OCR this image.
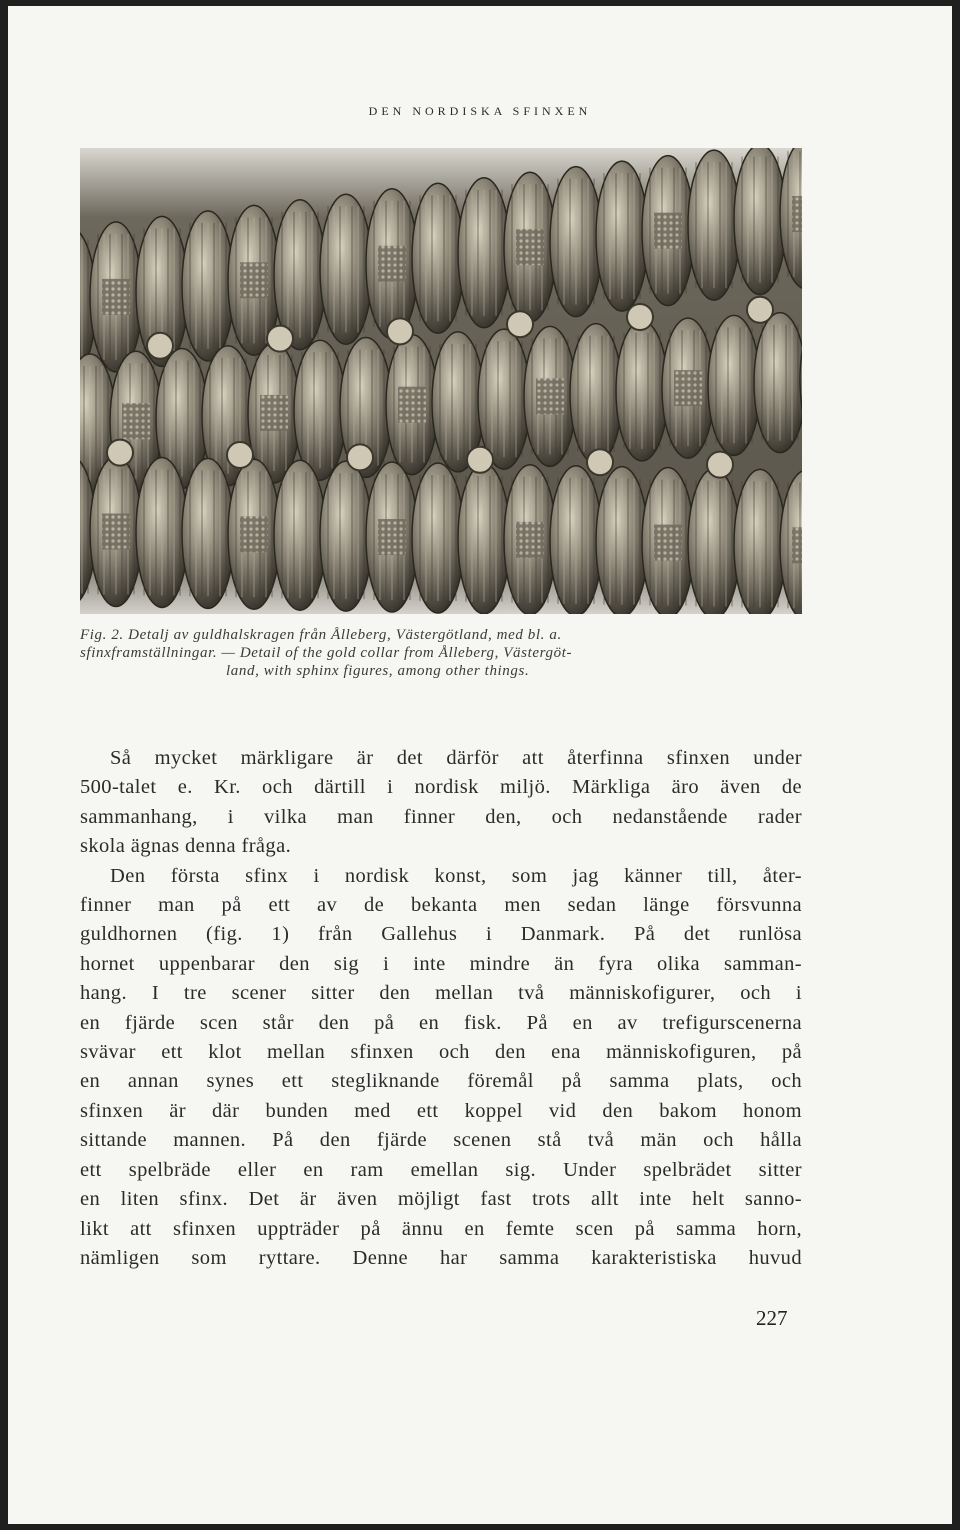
DEN NORDISKA SFINXEN
Fig. 2. Detalj av guldhalskragen från Ålleberg, Västergötland, med bl. a.
sfinxframställningar. — Detail of the gold collar from Ålleberg, Västergöt-
land, with sphinx figures, among other things.
Så mycket märkligare är det därför att återfinna sfinxen under
500-talet e. Kr. och därtill i nordisk miljö. Märkliga äro även de
sammanhang, i vilka man finner den, och nedanstående rader
skola ägnas denna fråga.
Den första sfinx i nordisk konst, som jag känner till, åter-
finner man på ett av de bekanta men sedan länge försvunna
guldhornen (fig. 1) från Gallehus i Danmark. På det runlösa
hornet uppenbarar den sig i inte mindre än fyra olika samman-
hang. I tre scener sitter den mellan två människofigurer, och i
en fjärde scen står den på en fisk. På en av trefigurscenerna
svävar ett klot mellan sfinxen och den ena människofiguren, på
en annan synes ett stegliknande föremål på samma plats, och
sfinxen är där bunden med ett koppel vid den bakom honom
sittande mannen. På den fjärde scenen stå två män och hålla
ett spelbräde eller en ram emellan sig. Under spelbrädet sitter
en liten sfinx. Det är även möjligt fast trots allt inte helt sanno-
likt att sfinxen uppträder på ännu en femte scen på samma horn,
nämligen som ryttare. Denne har samma karakteristiska huvud
227
